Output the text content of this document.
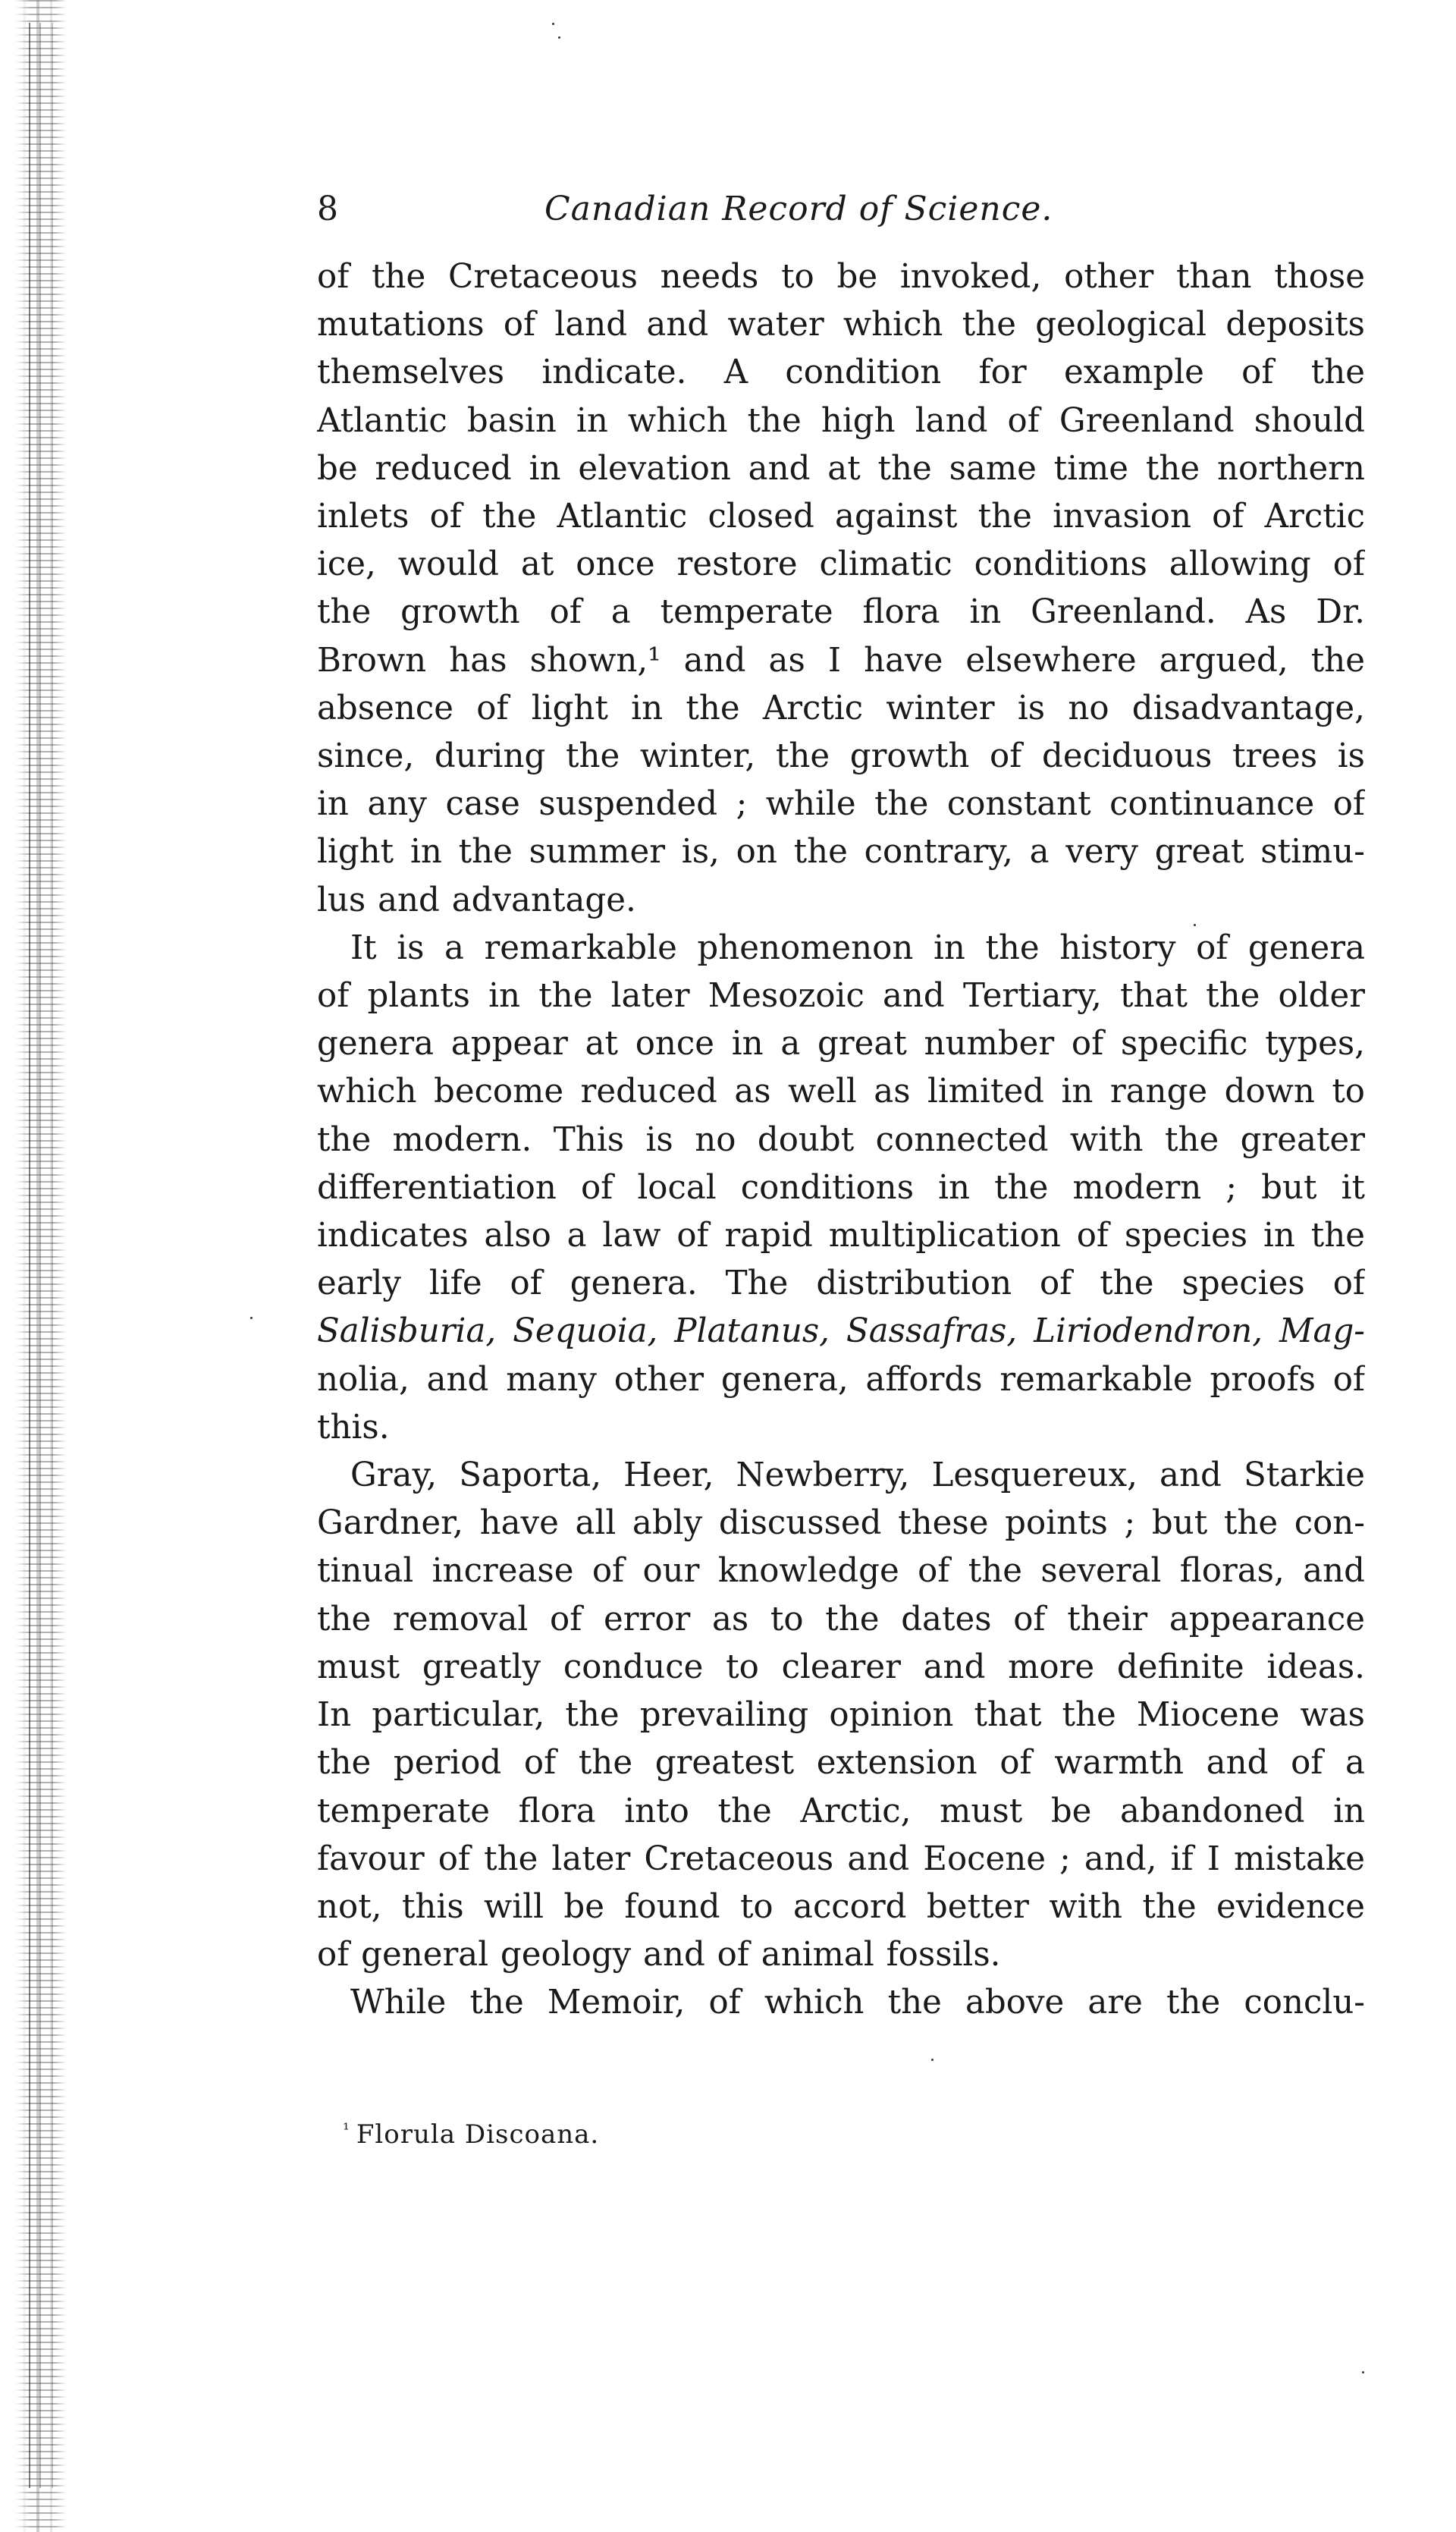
8	Canadian Record of Science.

of the Cretaceous needs to be invoked, other than those
mutations of land and water which the geological deposits
themselves indicate. A condition for example of the
Atlantic basin in which the high land of Greenland should
be reduced in elevation and at the same time the northern
inlets of the Atlantic closed against the invasion of Arctic
ice, would at once restore climatic conditions allowing of
the growth of a temperate flora in Greenland. As Dr.
Brown has shown,¹ and as I have elsewhere argued, the
absence of light in the Arctic winter is no disadvantage,
since, during the winter, the growth of deciduous trees is
in any case suspended ; while the constant continuance of
light in the summer is, on the contrary, a very great stimu-
lus and advantage.

It is a remarkable phenomenon in the history of genera
of plants in the later Mesozoic and Tertiary, that the older
genera appear at once in a great number of specific types,
which become reduced as well as limited in range down to
the modern. This is no doubt connected with the greater
differentiation of local conditions in the modern ; but it
indicates also a law of rapid multiplication of species in the
early life of genera. The distribution of the species of
Salisburia, Sequoia, Platanus, Sassafras, Liriodendron, Mag-
nolia, and many other genera, affords remarkable proofs of
this.

Gray, Saporta, Heer, Newberry, Lesquereux, and Starkie
Gardner, have all ably discussed these points ; but the con-
tinual increase of our knowledge of the several floras, and
the removal of error as to the dates of their appearance
must greatly conduce to clearer and more definite ideas.
In particular, the prevailing opinion that the Miocene was
the period of the greatest extension of warmth and of a
temperate flora into the Arctic, must be abandoned in
favour of the later Cretaceous and Eocene ; and, if I mistake
not, this will be found to accord better with the evidence
of general geology and of animal fossils.

While the Memoir, of which the above are the conclu-

$^{^1}$ Florula Discoana.
